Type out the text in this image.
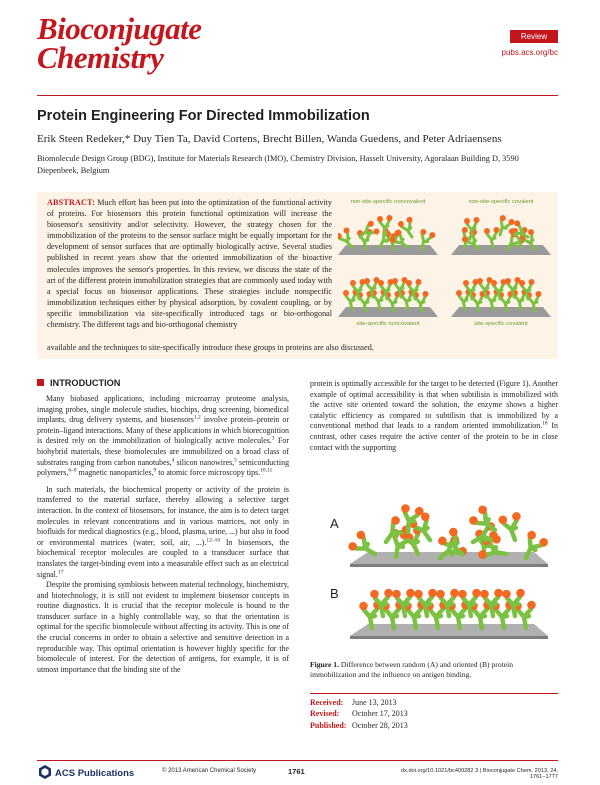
Bioconjugate
Chemistry
Review
pubs.acs.org/bc
Protein Engineering For Directed Immobilization
Erik Steen Redeker,* Duy Tien Ta, David Cortens, Brecht Billen, Wanda Guedens, and Peter Adriaensens
Biomolecule Design Group (BDG), Institute for Materials Research (IMO), Chemistry Division, Hasselt University, Agoralaan Building D, 3590 Diepenbeek, Belgium
ABSTRACT: Much effort has been put into the optimization of the functional activity of proteins. For biosensors this protein functional optimization will increase the biosensor's sensitivity and/or selectivity. However, the strategy chosen for the immobilization of the proteins to the sensor surface might be equally important for the development of sensor surfaces that are optimally biologically active. Several studies published in recent years show that the oriented immobilization of the bioactive molecules improves the sensor's properties. In this review, we discuss the state of the art of the different protein immobilization strategies that are commonly used today with a special focus on biosensor applications. These strategies include nonspecific immobilization techniques either by physical adsorption, by covalent coupling, or by specific immobilization via site-specifically introduced tags or bio-orthogonal chemistry. The different tags and bio-orthogonal chemistry
available and the techniques to site-specifically introduce these groups in proteins are also discussed.
non-site-specific noncovalent	non-site-specific covalent
site-specific noncovalent	site-specific covalent
INTRODUCTION

Many biobased applications, including microarray proteome analysis, imaging probes, single molecule studies, biochips, drug screening, biomedical implants, drug delivery systems, and biosensors$^{1,2}$ involve protein–protein or protein–ligand interactions. Many of these applications in which biorecognition is desired rely on the immobilization of biologically active molecules.$^3$ For biohybrid materials, these biomolecules are immobilized on a broad class of substrates ranging from carbon nanotubes,$^4$ silicon nanowires,$^5$ semiconducting polymers,$^{6-8}$ magnetic nanoparticles,$^9$ to atomic force microscopy tips.$^{10,11}$

In such materials, the biochemical property or activity of the protein is transferred to the material surface, thereby allowing a selective target interaction. In the context of biosensors, for instance, the aim is to detect target molecules in relevant concentrations and in various matrices, not only in biofluids for medical diagnostics (e.g., blood, plasma, urine, ...) but also in food or environmental matrices (water, soil, air, ...).$^{12-16}$ In biosensors, the biochemical receptor molecules are coupled to a transducer surface that translates the target-binding event into a measurable effect such as an electrical signal.$^{17}$

Despite the promising symbiosis between material technology, biochemistry, and biotechnology, it is still not evident to implement biosensor concepts in routine diagnostics. It is crucial that the receptor molecule is bound to the transducer surface in a highly controllable way, so that the orientation is optimal for the specific biomolecule without affecting its activity. This is one of the crucial concerns in order to obtain a selective and sensitive detection in a reproducible way. This optimal orientation is however highly specific for the biomolecule of interest. For the detection of antigens, for example, it is of utmost importance that the binding site of the

protein is optimally accessible for the target to be detected (Figure 1). Another example of optimal accessibility is that when subtilisin is immobilized with the active site oriented toward the solution, the enzyme shows a higher catalytic efficiency as compared to subtilisin that is immobilized by a conventional method that leads to a random oriented immobilization.$^{18}$ In contrast, other cases require the active center of the protein to be in close contact with the supporting

A
B
Figure 1. Difference between random (A) and oriented (B) protein immobilization and the influence on antigen binding.
Received: June 13, 2013
Revised: October 17, 2013
Published: October 28, 2013
ACS Publications	© 2013 American Chemical Society	1761	dx.doi.org/10.1021/bc400282 3 | Bioconjugate Chem. 2013, 24, 1761−1777
